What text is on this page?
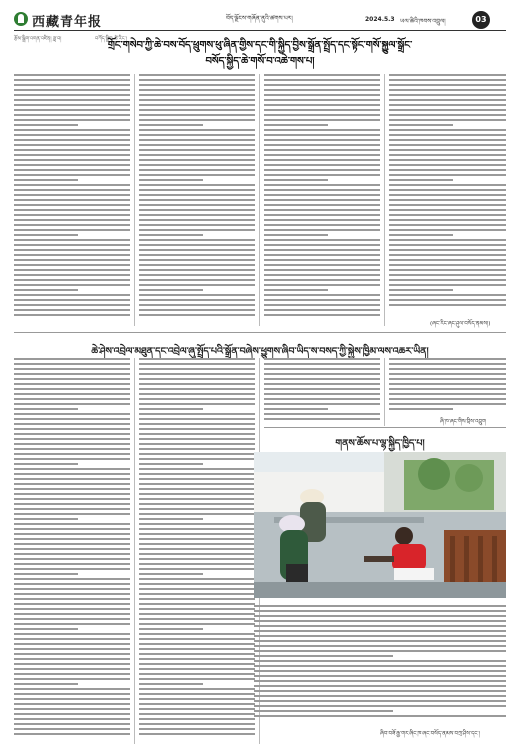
西藏青年报
རྩོམ་སྒྲིག་འགན་འཛིན། ཟླ་བ།	བཀོད་སྒྲིག ཚེ་རིང་།
བོད་ལྗོངས་གཞོན་ནུའི་ཚགས་པར།	2024.5.3 ཡལ་ཚིའི་ཁབས་འབྲུལ།	03
གྲོང་གསེབ་ཀྱི་ཆེ་བས་བོད་ཕྲུགས་ཕུ་ཞིན་གྱིས་དང་གི་སྐྱིད་བྱིས་སྒྲོན་སྤྲོད་དང་སྟོང་གསོ་སྐྱུལ་སྒྲོང་
བསོད་སྐྱིད་ཆེ་གསོ་བ་འཆེ་གས་པ།
(ཞང་རིང་ཞང་ཤུལ་བསོད་ནམས།)
ཆེ་ཤེས་འབྲེལ་མཐུན་དང་འབྲེལ་ཞུ་སྤྲོད་པའི་སྒྲོན་བཞེས་ཕྱུགས་ཞིབ་ཡིད་ས་བསད་ཀྱི་སྐྱེས་ཁྱིམ་ལས་འཆར་ཡིན།
ཞི་ཁ་ཞང་གིས་བྲིས་འབྲུག
གནས་ཆོས་པ་ལྷ་སྐྱིད་ཁྱིད་པ།
ཞིབ་བཟོ་རྒྱ་གར་ཞིང་ཁ་ཞང་བསོད་ནམས་བཀྲ་ཤིས་དང་།
